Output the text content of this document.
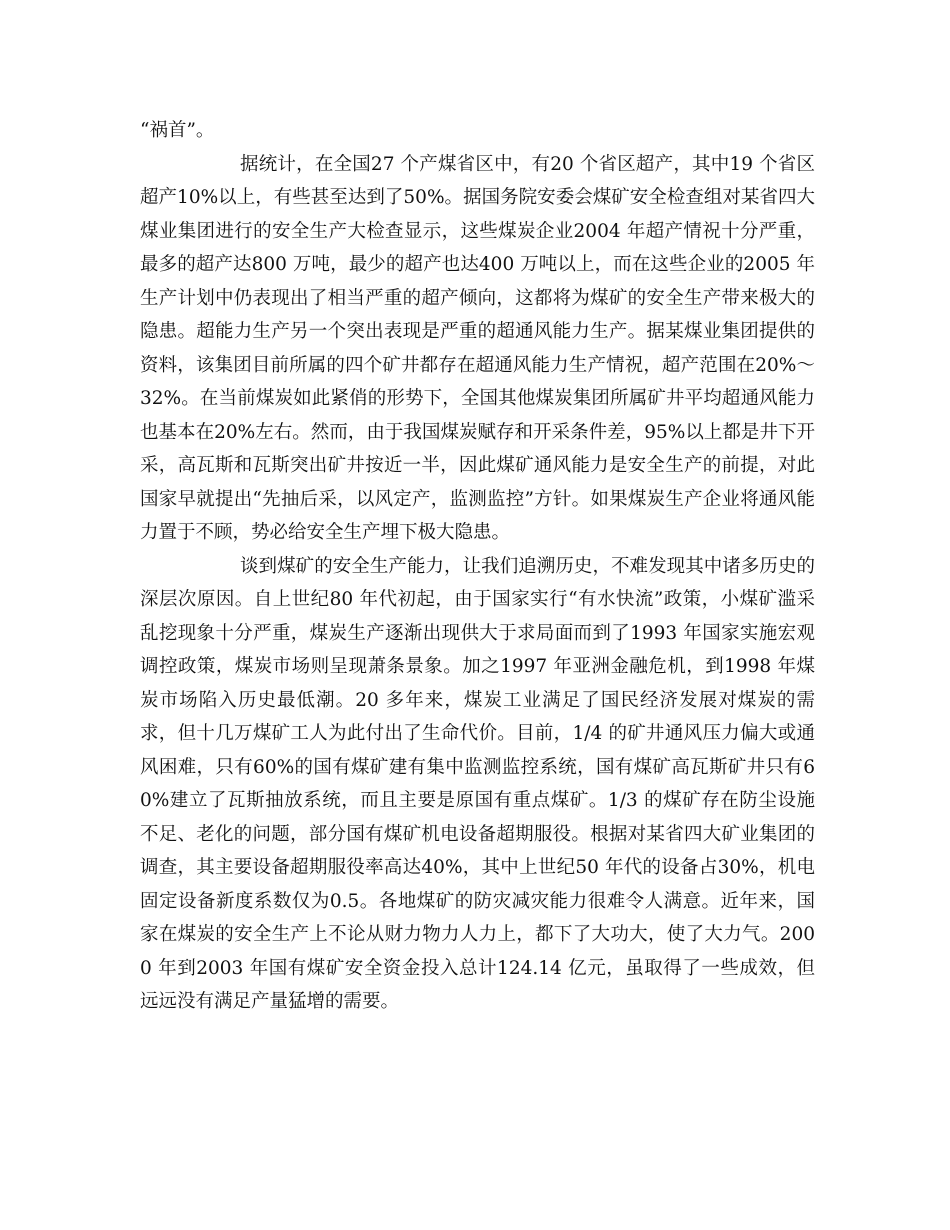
“祸首”。

据统计，在全国27 个产煤省区中，有20 个省区超产，其中19 个省区超产10%以上，有些甚至达到了50%。据国务院安委会煤矿安全检查组对某省四大煤业集团进行的安全生产大检查显示，这些煤炭企业2004 年超产情祝十分严重，最多的超产达800 万吨，最少的超产也达400 万吨以上，而在这些企业的2005 年生产计划中仍表现出了相当严重的超产倾向，这都将为煤矿的安全生产带来极大的隐患。超能力生产另一个突出表现是严重的超通风能力生产。据某煤业集团提供的资料，该集团目前所属的四个矿井都存在超通风能力生产情祝，超产范围在20%～32%。在当前煤炭如此紧俏的形势下，全国其他煤炭集团所属矿井平均超通风能力也基本在20%左右。然而，由于我国煤炭赋存和开采条件差，95%以上都是井下开采，高瓦斯和瓦斯突出矿井按近一半，因此煤矿通风能力是安全生产的前提，对此国家早就提出“先抽后采，以风定产，监测监控”方针。如果煤炭生产企业将通风能力置于不顾，势必给安全生产埋下极大隐患。

谈到煤矿的安全生产能力，让我们追溯历史，不难发现其中诸多历史的深层次原因。自上世纪80 年代初起，由于国家实行“有水快流”政策，小煤矿滥采乱挖现象十分严重，煤炭生产逐渐出现供大于求局面而到了1993 年国家实施宏观调控政策，煤炭市场则呈现萧条景象。加之1997 年亚洲金融危机，到1998 年煤炭市场陷入历史最低潮。20 多年来，煤炭工业满足了国民经济发展对煤炭的需求，但十几万煤矿工人为此付出了生命代价。目前，1/4 的矿井通风压力偏大或通风困难，只有60%的国有煤矿建有集中监测监控系统，国有煤矿高瓦斯矿井只有60%建立了瓦斯抽放系统，而且主要是原国有重点煤矿。1/3 的煤矿存在防尘设施不足、老化的问题，部分国有煤矿机电设备超期服役。根据对某省四大矿业集团的调查，其主要设备超期服役率高达40%，其中上世纪50 年代的设备占30%，机电固定设备新度系数仅为0.5。各地煤矿的防灾减灾能力很难令人满意。近年来，国家在煤炭的安全生产上不论从财力物力人力上，都下了大功大，使了大力气。2000 年到2003 年国有煤矿安全资金投入总计124.14 亿元，虽取得了一些成效，但远远没有满足产量猛增的需要。
